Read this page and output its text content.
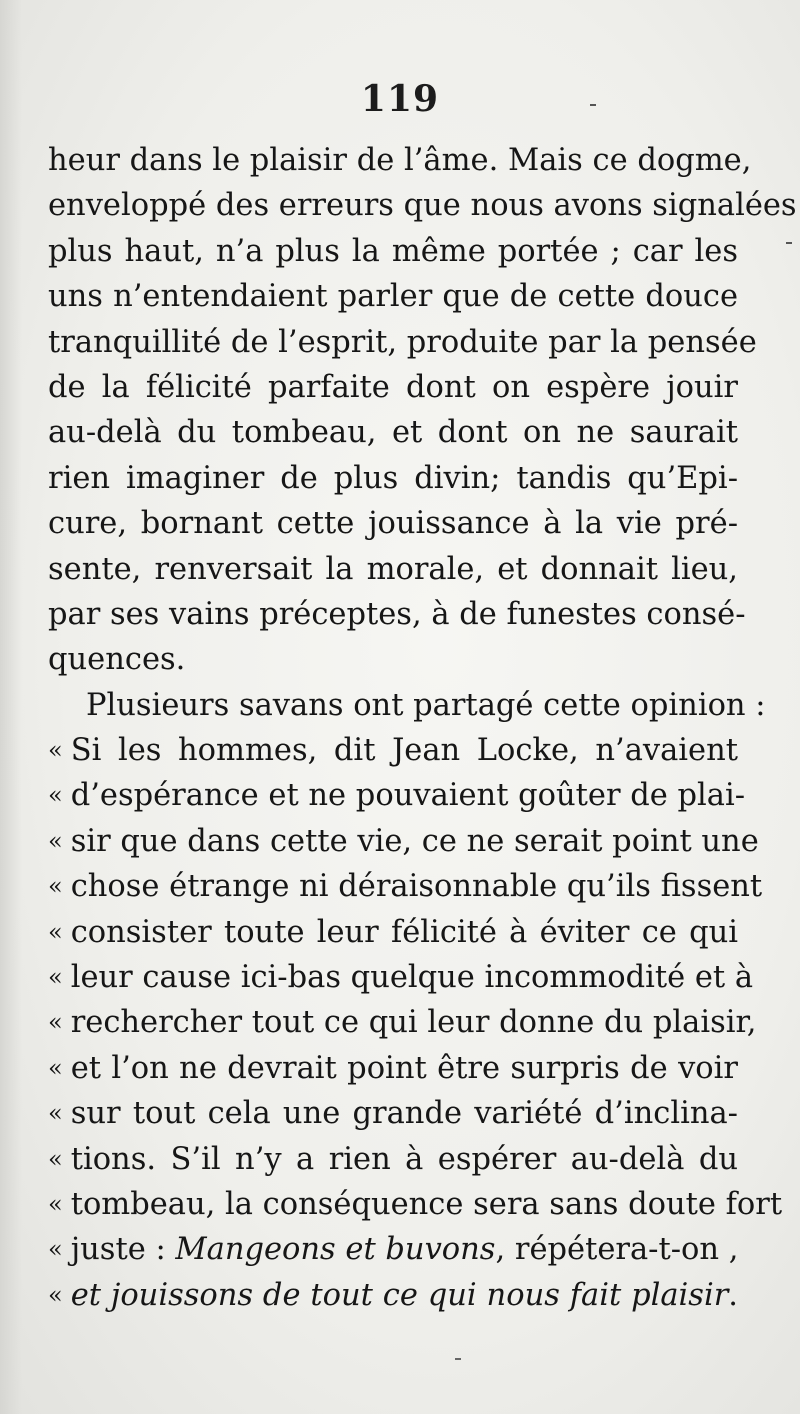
119
heur dans le plaisir de l’âme. Mais ce dogme,
enveloppé des erreurs que nous avons signalées
plus haut, n’a plus la même portée ; car les
uns n’entendaient parler que de cette douce
tranquillité de l’esprit, produite par la pensée
de la félicité parfaite dont on espère jouir
au-delà du tombeau, et dont on ne saurait
rien imaginer de plus divin; tandis qu’Epi-
cure, bornant cette jouissance à la vie pré-
sente, renversait la morale, et donnait lieu,
par ses vains préceptes, à de funestes consé-
quences.
Plusieurs savans ont partagé cette opinion :
« Si les hommes, dit Jean Locke, n’avaient
« d’espérance et ne pouvaient goûter de plai-
« sir que dans cette vie, ce ne serait point une
« chose étrange ni déraisonnable qu’ils fissent
« consister toute leur félicité à éviter ce qui
« leur cause ici-bas quelque incommodité et à
« rechercher tout ce qui leur donne du plaisir,
« et l’on ne devrait point être surpris de voir
« sur tout cela une grande variété d’inclina-
« tions. S’il n’y a rien à espérer au-delà du
« tombeau, la conséquence sera sans doute fort
« juste : Mangeons et buvons, répétera-t-on ,
« et jouissons de tout ce qui nous fait plaisir.
